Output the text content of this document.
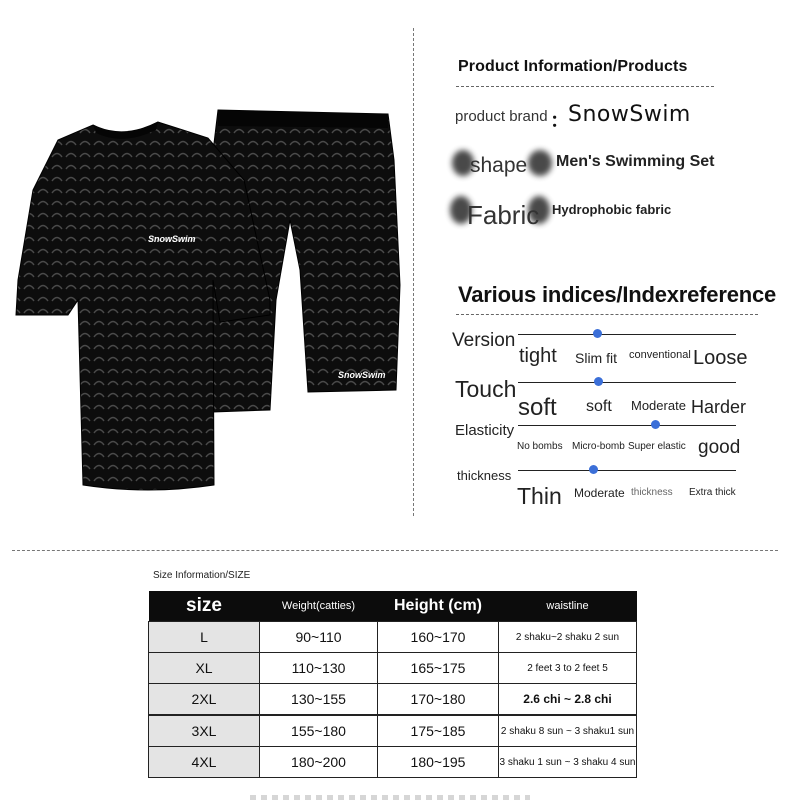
SnowSwim
SnowSwim
Product Information/Products
product brand ：
SnowSwim
shape Men's Swimming Set
Fabric Hydrophobic fabric
Various indices/Indexreference
Version
tight Slim fit conventional Loose
Touch
soft soft Moderate Harder
Elasticity
No bombs Micro-bomb Super elastic good
thickness
Thin Moderate thickness Extra thick
Size Information/SIZE
size	Weight(catties)	Height (cm)	waistline
L	90~110	160~170	2 shaku~2 shaku 2 sun
XL	110~130	165~175	2 feet 3 to 2 feet 5
2XL	130~155	170~180	2.6 chi ~ 2.8 chi
3XL	155~180	175~185	2 shaku 8 sun ~ 3 shaku1 sun
4XL	180~200	180~195	3 shaku 1 sun ~ 3 shaku 4 sun
